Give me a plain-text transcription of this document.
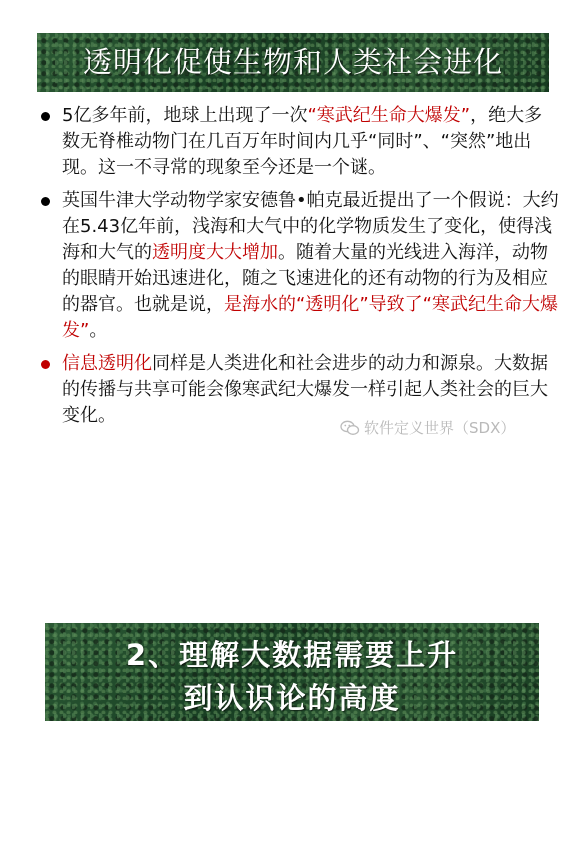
透明化促使生物和人类社会进化
5亿多年前，地球上出现了一次“寒武纪生命大爆发”，绝大多数无脊椎动物门在几百万年时间内几乎“同时”、“突然”地出现。这一不寻常的现象至今还是一个谜。
英国牛津大学动物学家安德鲁•帕克最近提出了一个假说：大约在5.43亿年前，浅海和大气中的化学物质发生了变化，使得浅海和大气的透明度大大增加。随着大量的光线进入海洋，动物的眼睛开始迅速进化，随之飞速进化的还有动物的行为及相应的器官。也就是说，是海水的“透明化”导致了“寒武纪生命大爆发”。
信息透明化同样是人类进化和社会进步的动力和源泉。大数据的传播与共享可能会像寒武纪大爆发一样引起人类社会的巨大变化。
软件定义世界（SDX）
2、理解大数据需要上升
到认识论的高度
